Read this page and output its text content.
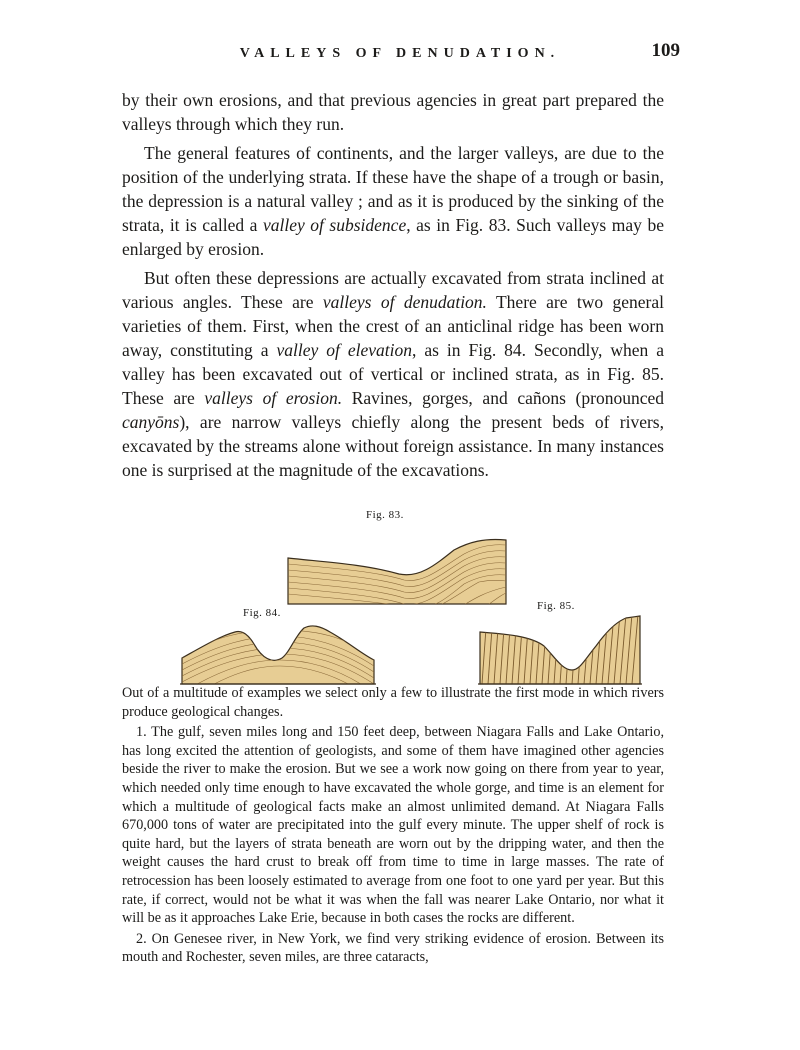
VALLEYS OF DENUDATION.	109

by their own erosions, and that previous agencies in great part prepared the valleys through which they run.

The general features of continents, and the larger valleys, are due to the position of the underlying strata. If these have the shape of a trough or basin, the depression is a natural valley ; and as it is produced by the sinking of the strata, it is called a valley of subsidence, as in Fig. 83. Such valleys may be enlarged by erosion.

But often these depressions are actually excavated from strata inclined at various angles. These are valleys of denudation. There are two general varieties of them. First, when the crest of an anticlinal ridge has been worn away, constituting a valley of elevation, as in Fig. 84. Secondly, when a valley has been excavated out of vertical or inclined strata, as in Fig. 85. These are valleys of erosion. Ravines, gorges, and cañons (pronounced canyōns), are narrow valleys chiefly along the present beds of rivers, excavated by the streams alone without foreign assistance. In many instances one is surprised at the magnitude of the excavations.

Fig. 83.
Fig. 84.
Fig. 85.

Out of a multitude of examples we select only a few to illustrate the first mode in which rivers produce geological changes.

1. The gulf, seven miles long and 150 feet deep, between Niagara Falls and Lake Ontario, has long excited the attention of geologists, and some of them have imagined other agencies beside the river to make the erosion. But we see a work now going on there from year to year, which needed only time enough to have excavated the whole gorge, and time is an element for which a multitude of geological facts make an almost unlimited demand. At Niagara Falls 670,000 tons of water are precipitated into the gulf every minute. The upper shelf of rock is quite hard, but the layers of strata beneath are worn out by the dripping water, and then the weight causes the hard crust to break off from time to time in large masses. The rate of retrocession has been loosely estimated to average from one foot to one yard per year. But this rate, if correct, would not be what it was when the fall was nearer Lake Ontario, nor what it will be as it approaches Lake Erie, because in both cases the rocks are different.

2. On Genesee river, in New York, we find very striking evidence of erosion. Between its mouth and Rochester, seven miles, are three cataracts,
